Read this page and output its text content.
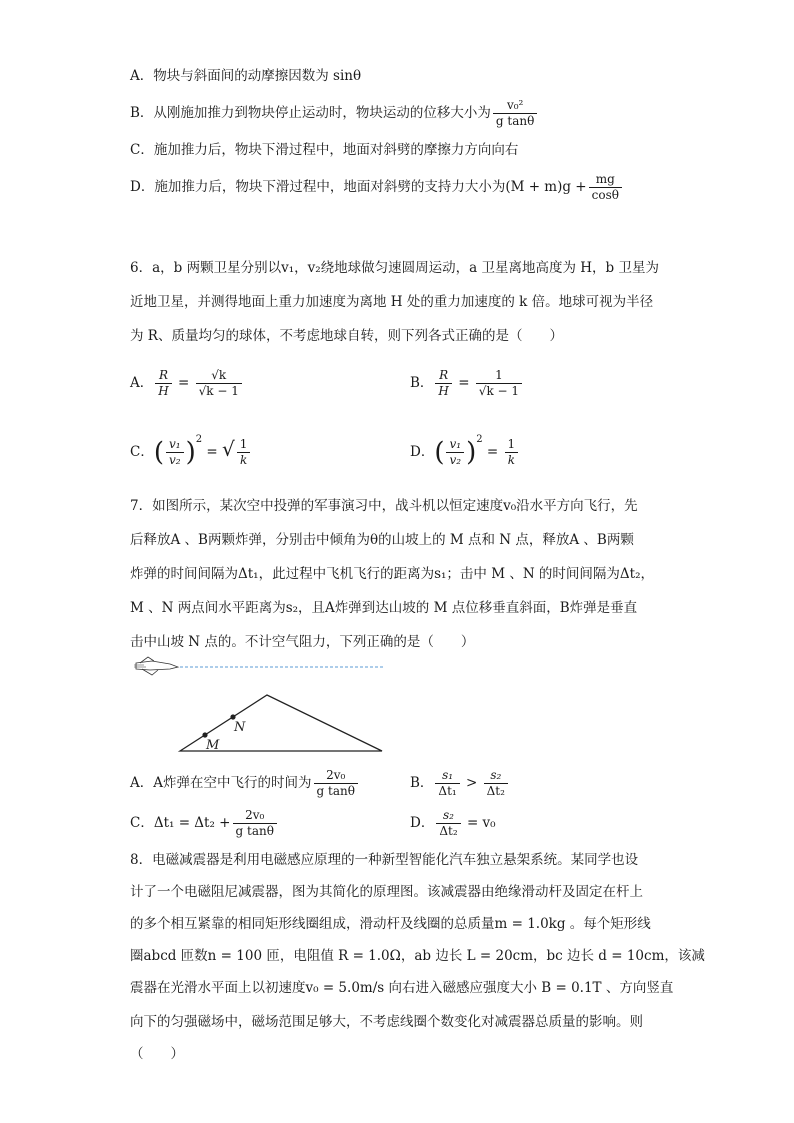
A．物块与斜面间的动摩擦因数为 sinθ
B．从刚施加推力到物块停止运动时，物块运动的位移大小为 $\frac{\text{v₀²}}{\text{g tanθ}}$
C．施加推力后，物块下滑过程中，地面对斜劈的摩擦力方向向右
D．施加推力后，物块下滑过程中，地面对斜劈的支持力大小为$(M + m)g + \frac{mg}{\cos\theta}$
6．a，b 两颗卫星分别以v₁，v₂绕地球做匀速圆周运动，a 卫星离地高度为 H，b 卫星为
近地卫星，并测得地面上重力加速度为离地 H 处的重力加速度的 k 倍。地球可视为半径
为 R、质量均匀的球体，不考虑地球自转，则下列各式正确的是（　　）
A． $\frac{R}{H} = \frac{√k}{√k - 1}$	B． $\frac{R}{H} = \frac{1}{√k - 1}$
C．( $\frac{\text{v₁}}{\text{v₂}} )^2$ = √ $\frac{1}{k}$	D．( $\frac{\text{v₁}}{\text{v₂}} )^2 = \frac{1}{k}$
7．如图所示，某次空中投弹的军事演习中，战斗机以恒定速度v₀沿水平方向飞行，先
后释放A 、B两颗炸弹，分别击中倾角为θ的山坡上的 M 点和 N 点，释放A 、B两颗
炸弹的时间间隔为Δt₁，此过程中飞机飞行的距离为s₁；击中 M 、N 的时间间隔为Δt₂，
M 、N 两点间水平距离为s₂，且A炸弹到达山坡的 M 点位移垂直斜面，B炸弹是垂直
击中山坡 N 点的。不计空气阻力，下列正确的是（　　）
M
N
A．A炸弹在空中飞行的时间为 $\frac{\text{2v₀}}{\text{g tanθ}}$	B． $\frac{\text{s₁}}{\text{Δt₁}} > \frac{\text{s₂}}{\text{Δt₂}}$
C．$\Delta t_1 = \Delta t_2 + \frac{\text{2v₀}}{\text{g tanθ}}$	D． $\frac{\text{s₂}}{\text{Δt₂}} = v_0$
8．电磁减震器是利用电磁感应原理的一种新型智能化汽车独立悬架系统。某同学也设
计了一个电磁阻尼减震器，图为其简化的原理图。该减震器由绝缘滑动杆及固定在杆上
的多个相互紧靠的相同矩形线圈组成，滑动杆及线圈的总质量m = 1.0kg 。每个矩形线
圈abcd 匝数n = 100 匝，电阻值 R = 1.0Ω，ab 边长 L = 20cm，bc 边长 d = 10cm，该减
震器在光滑水平面上以初速度v₀ = 5.0m/s 向右进入磁感应强度大小 B = 0.1T 、方向竖直
向下的匀强磁场中，磁场范围足够大，不考虑线圈个数变化对减震器总质量的影响。则
（　　）
